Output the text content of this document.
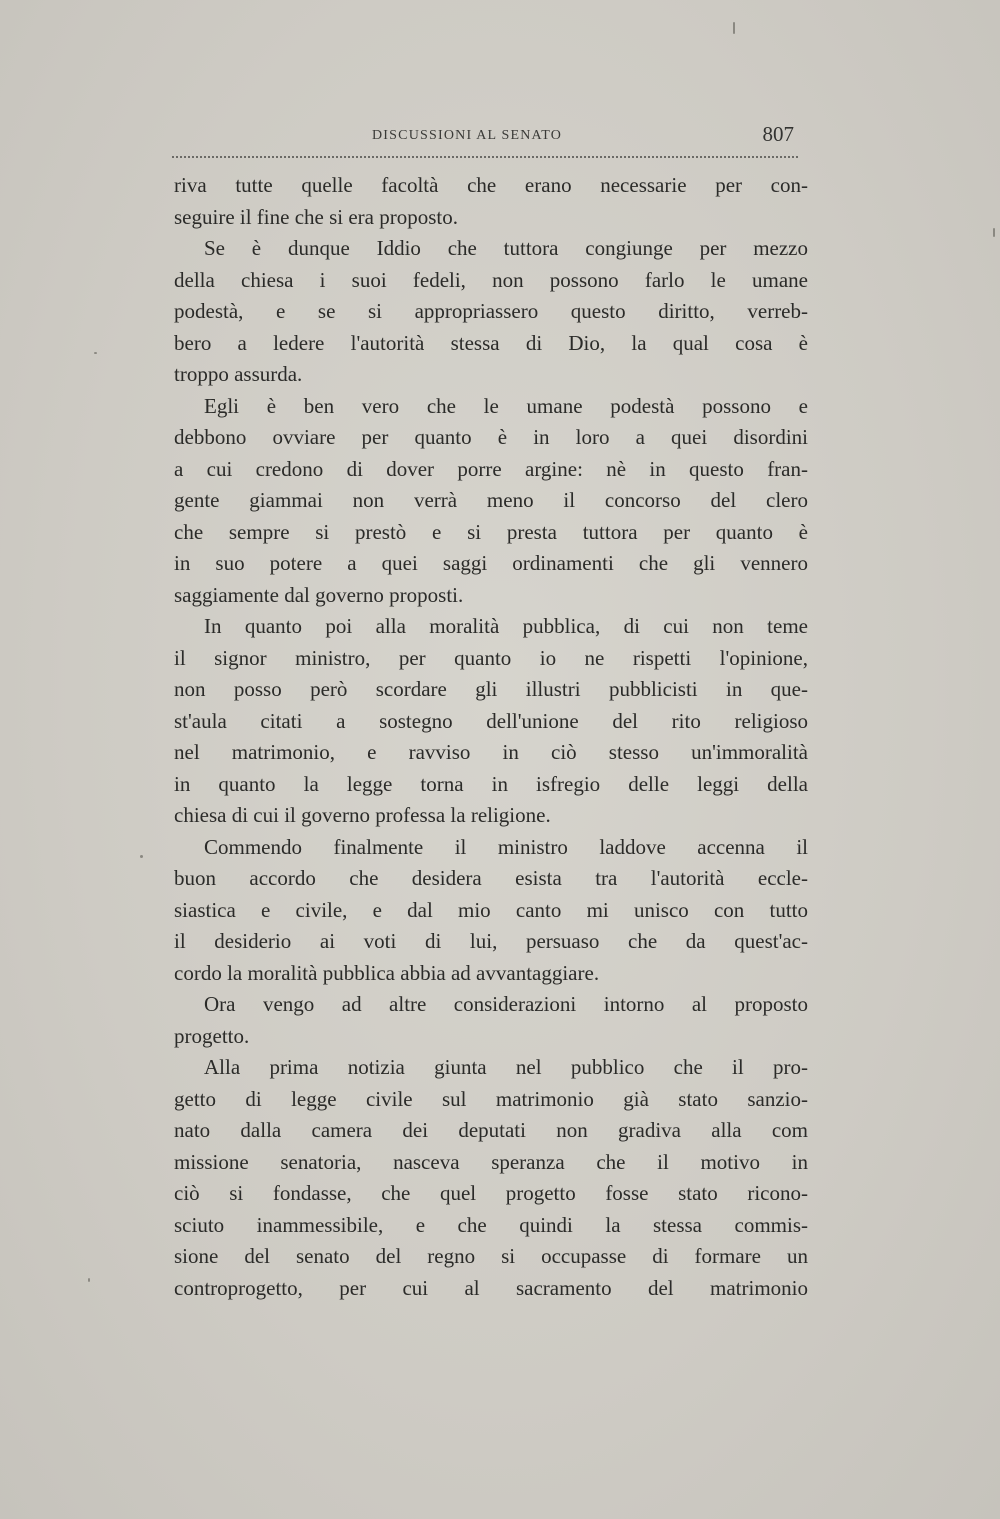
DISCUSSIONI AL SENATO	807
riva tutte quelle facoltà che erano necessarie per con-
seguire il fine che si era proposto.
Se è dunque Iddio che tuttora congiunge per mezzo
della chiesa i suoi fedeli, non possono farlo le umane
podestà, e se si appropriassero questo diritto, verreb-
bero a ledere l'autorità stessa di Dio, la qual cosa è
troppo assurda.
Egli è ben vero che le umane podestà possono e
debbono ovviare per quanto è in loro a quei disordini
a cui credono di dover porre argine: nè in questo fran-
gente giammai non verrà meno il concorso del clero
che sempre si prestò e si presta tuttora per quanto è
in suo potere a quei saggi ordinamenti che gli vennero
saggiamente dal governo proposti.
In quanto poi alla moralità pubblica, di cui non teme
il signor ministro, per quanto io ne rispetti l'opinione,
non posso però scordare gli illustri pubblicisti in que-
st'aula citati a sostegno dell'unione del rito religioso
nel matrimonio, e ravviso in ciò stesso un'immoralità
in quanto la legge torna in isfregio delle leggi della
chiesa di cui il governo professa la religione.
Commendo finalmente il ministro laddove accenna il
buon accordo che desidera esista tra l'autorità eccle-
siastica e civile, e dal mio canto mi unisco con tutto
il desiderio ai voti di lui, persuaso che da quest'ac-
cordo la moralità pubblica abbia ad avvantaggiare.
Ora vengo ad altre considerazioni intorno al proposto
progetto.
Alla prima notizia giunta nel pubblico che il pro-
getto di legge civile sul matrimonio già stato sanzio-
nato dalla camera dei deputati non gradiva alla com
missione senatoria, nasceva speranza che il motivo in
ciò si fondasse, che quel progetto fosse stato ricono-
sciuto inammessibile, e che quindi la stessa commis-
sione del senato del regno si occupasse di formare un
controprogetto, per cui al sacramento del matrimonio
